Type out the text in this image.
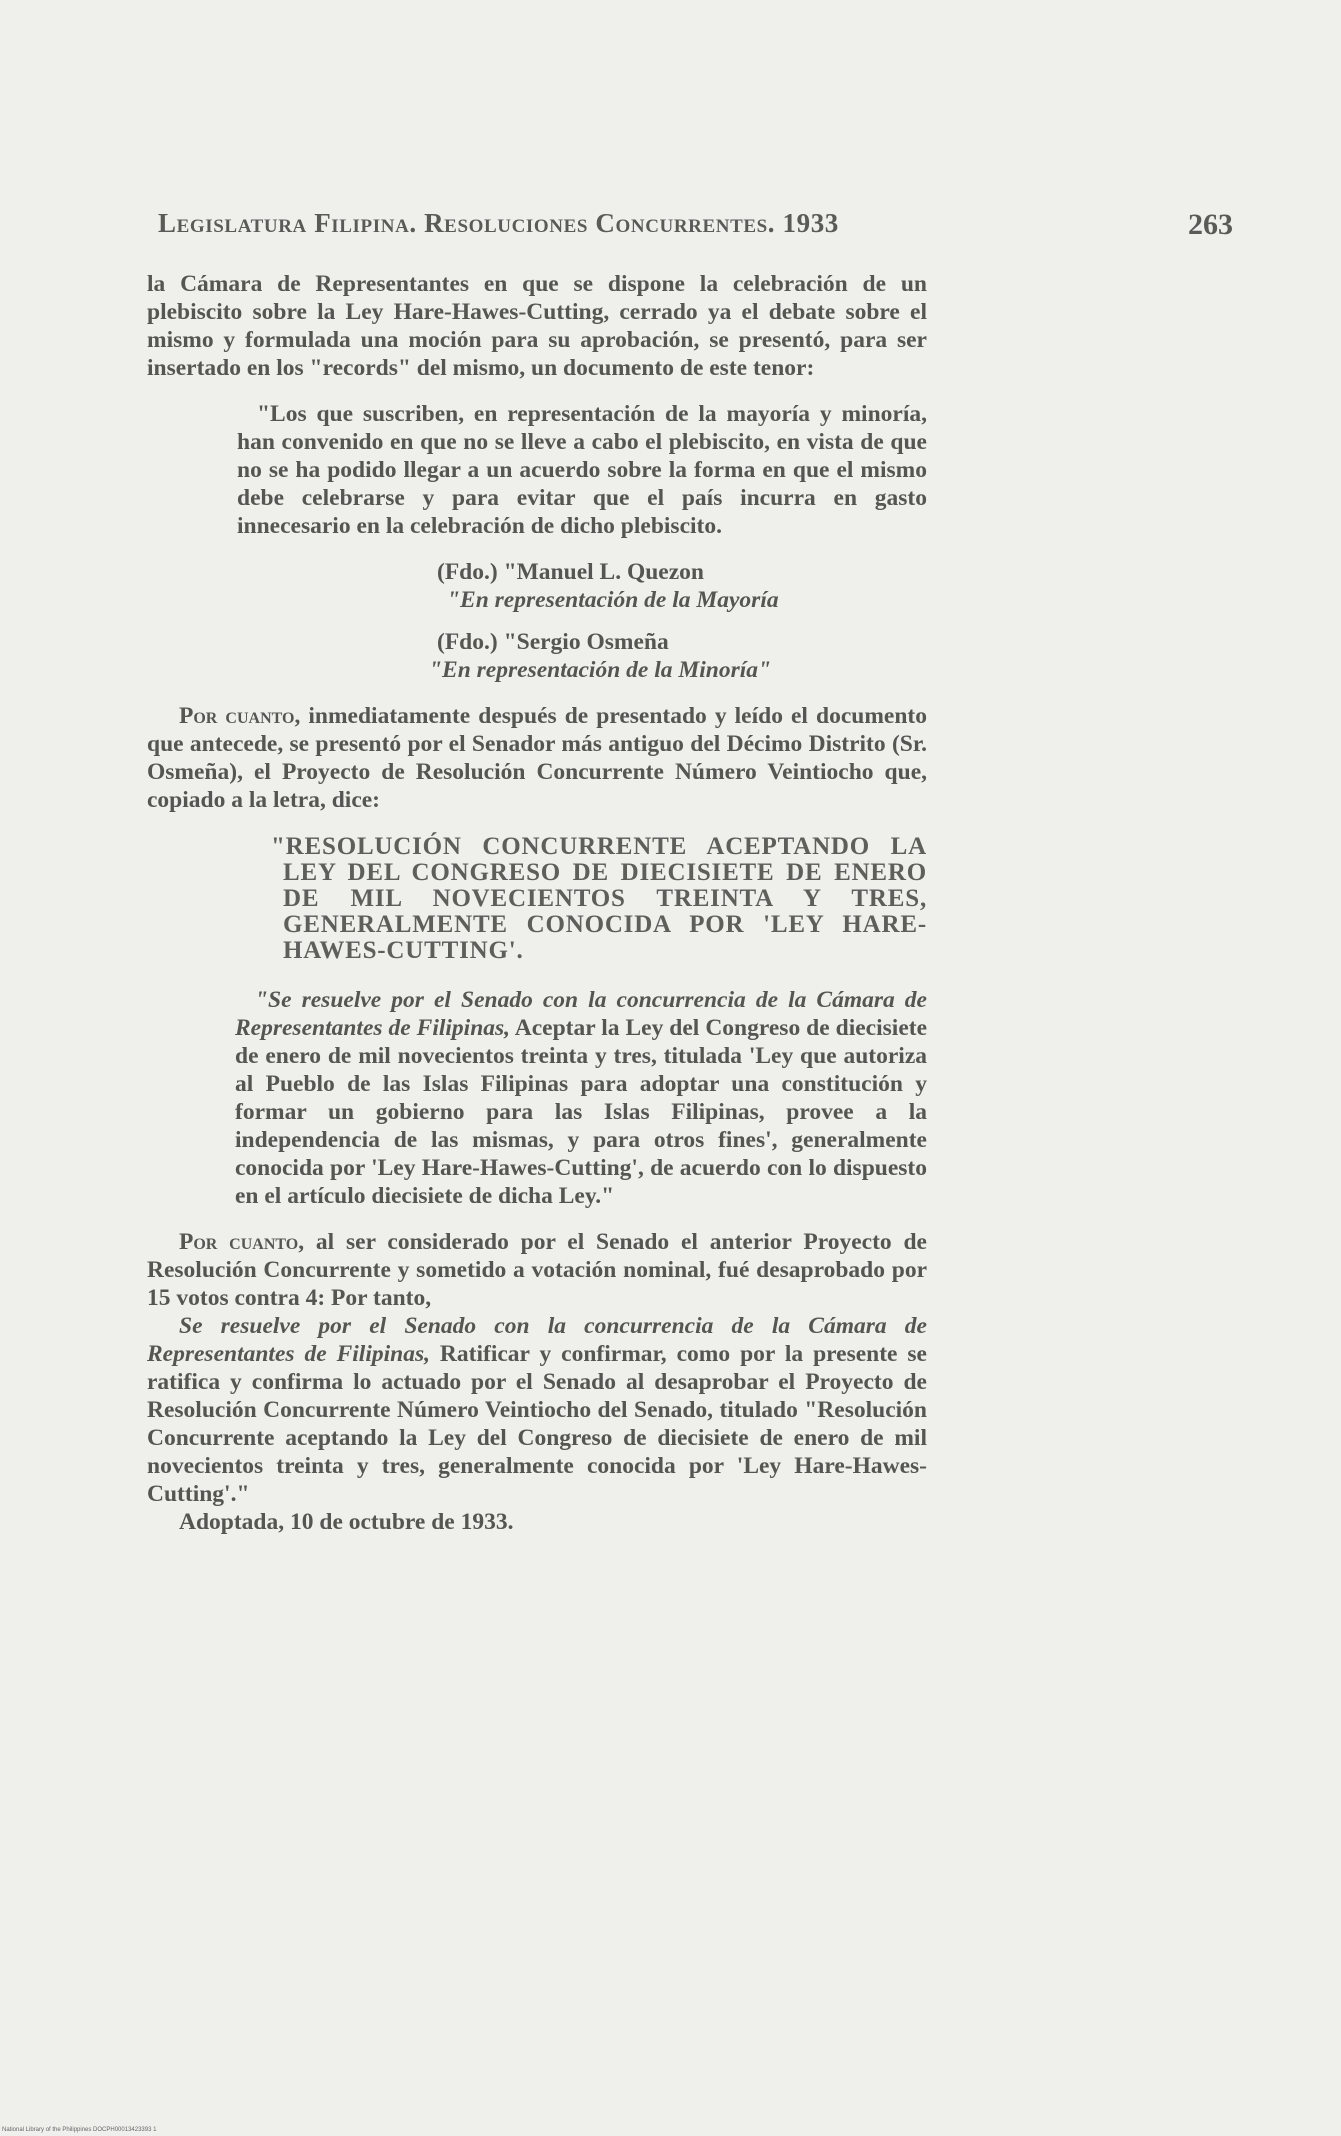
Legislatura Filipina. Resoluciones Concurrentes. 1933	263

la Cámara de Representantes en que se dispone la celebración de un plebiscito sobre la Ley Hare-Hawes-Cutting, cerrado ya el debate sobre el mismo y formulada una moción para su aprobación, se presentó, para ser insertado en los "records" del mismo, un documento de este tenor:

"Los que suscriben, en representación de la mayoría y minoría, han convenido en que no se lleve a cabo el plebiscito, en vista de que no se ha podido llegar a un acuerdo sobre la forma en que el mismo debe celebrarse y para evitar que el país incurra en gasto innecesario en la celebración de dicho plebiscito.

(Fdo.) "Manuel L. Quezon
"En representación de la Mayoría
(Fdo.) "Sergio Osmeña
"En representación de la Minoría"

Por cuanto, inmediatamente después de presentado y leído el documento que antecede, se presentó por el Senador más antiguo del Décimo Distrito (Sr. Osmeña), el Proyecto de Resolución Concurrente Número Veintiocho que, copiado a la letra, dice:

"RESOLUCIÓN CONCURRENTE ACEPTANDO LA LEY DEL CONGRESO DE DIECISIETE DE ENERO DE MIL NOVECIENTOS TREINTA Y TRES, GENERALMENTE CONOCIDA POR 'LEY HARE-HAWES-CUTTING'.

"Se resuelve por el Senado con la concurrencia de la Cámara de Representantes de Filipinas, Aceptar la Ley del Congreso de diecisiete de enero de mil novecientos treinta y tres, titulada 'Ley que autoriza al Pueblo de las Islas Filipinas para adoptar una constitución y formar un gobierno para las Islas Filipinas, provee a la independencia de las mismas, y para otros fines', generalmente conocida por 'Ley Hare-Hawes-Cutting', de acuerdo con lo dispuesto en el artículo diecisiete de dicha Ley."

Por cuanto, al ser considerado por el Senado el anterior Proyecto de Resolución Concurrente y sometido a votación nominal, fué desaprobado por 15 votos contra 4: Por tanto,

Se resuelve por el Senado con la concurrencia de la Cámara de Representantes de Filipinas, Ratificar y confirmar, como por la presente se ratifica y confirma lo actuado por el Senado al desaprobar el Proyecto de Resolución Concurrente Número Veintiocho del Senado, titulado "Resolución Concurrente aceptando la Ley del Congreso de diecisiete de enero de mil novecientos treinta y tres, generalmente conocida por 'Ley Hare-Hawes-Cutting'."

Adoptada, 10 de octubre de 1933.

National Library of the Philippines DOCPH00013423393 1
